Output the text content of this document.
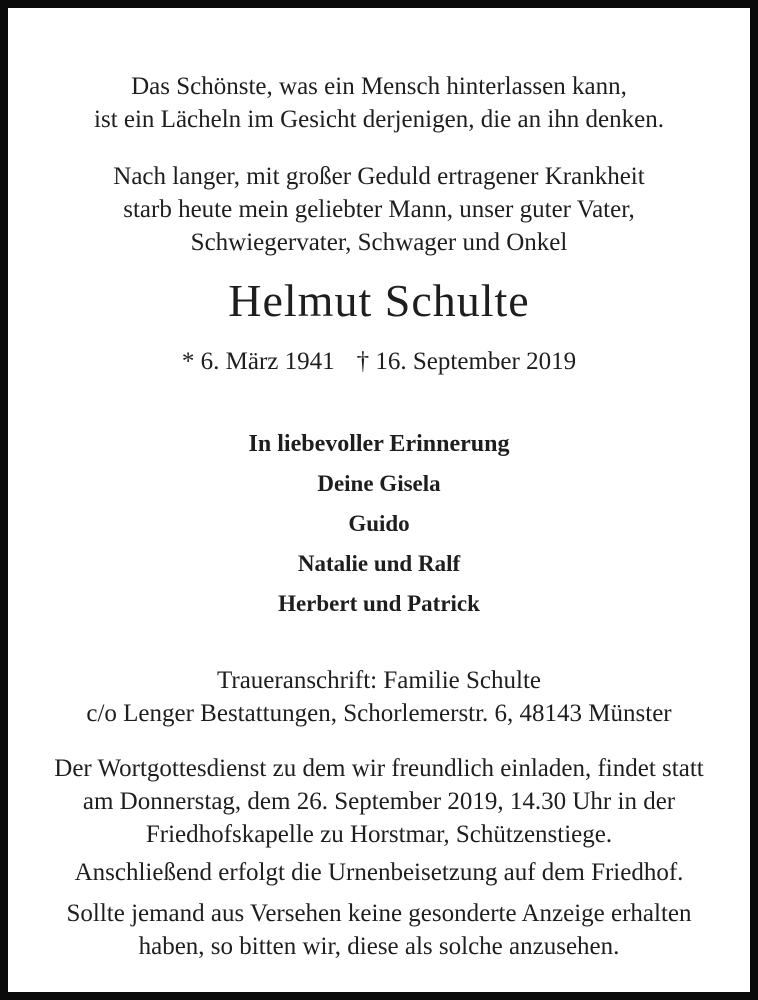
Das Schönste, was ein Mensch hinterlassen kann,
ist ein Lächeln im Gesicht derjenigen, die an ihn denken.
Nach langer, mit großer Geduld ertragener Krankheit
starb heute mein geliebter Mann, unser guter Vater,
Schwiegervater, Schwager und Onkel
Helmut Schulte
* 6. März 1941 † 16. September 2019
In liebevoller Erinnerung
Deine Gisela
Guido
Natalie und Ralf
Herbert und Patrick
Traueranschrift: Familie Schulte
c/o Lenger Bestattungen, Schorlemerstr. 6, 48143 Münster
Der Wortgottesdienst zu dem wir freundlich einladen, findet statt
am Donnerstag, dem 26. September 2019, 14.30 Uhr in der
Friedhofskapelle zu Horstmar, Schützenstiege.
Anschließend erfolgt die Urnenbeisetzung auf dem Friedhof.
Sollte jemand aus Versehen keine gesonderte Anzeige erhalten
haben, so bitten wir, diese als solche anzusehen.
